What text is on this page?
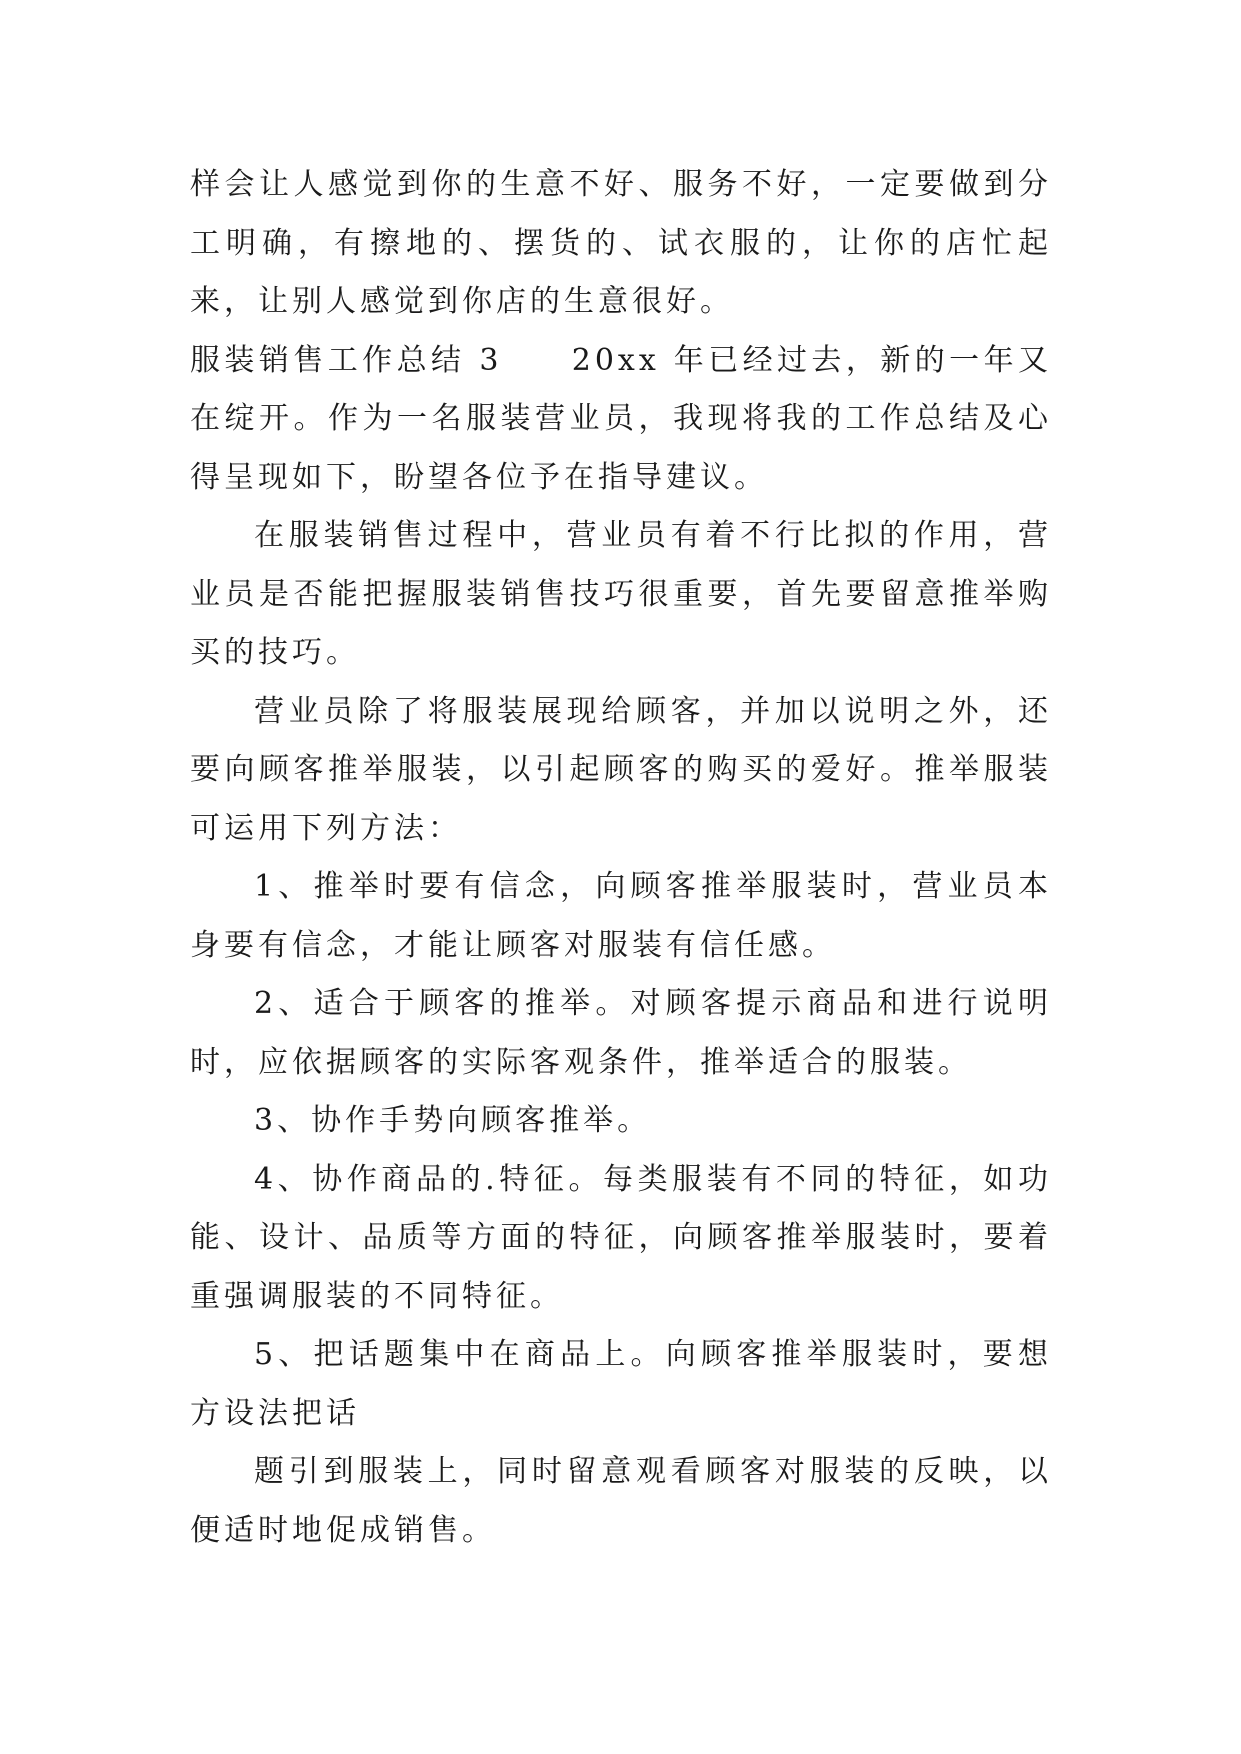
样会让人感觉到你的生意不好、服务不好，一定要做到分工明确，有擦地的、摆货的、试衣服的，让你的店忙起来，让别人感觉到你店的生意很好。

服装销售工作总结 3　　20xx 年已经过去，新的一年又在绽开。作为一名服装营业员，我现将我的工作总结及心得呈现如下，盼望各位予在指导建议。

在服装销售过程中，营业员有着不行比拟的作用，营业员是否能把握服装销售技巧很重要，首先要留意推举购买的技巧。

营业员除了将服装展现给顾客，并加以说明之外，还要向顾客推举服装，以引起顾客的购买的爱好。推举服装可运用下列方法：

1、推举时要有信念，向顾客推举服装时，营业员本身要有信念，才能让顾客对服装有信任感。

2、适合于顾客的推举。对顾客提示商品和进行说明时，应依据顾客的实际客观条件，推举适合的服装。

3、协作手势向顾客推举。

4、协作商品的.特征。每类服装有不同的特征，如功能、设计、品质等方面的特征，向顾客推举服装时，要着重强调服装的不同特征。

5、把话题集中在商品上。向顾客推举服装时，要想方设法把话

题引到服装上，同时留意观看顾客对服装的反映，以便适时地促成销售。
